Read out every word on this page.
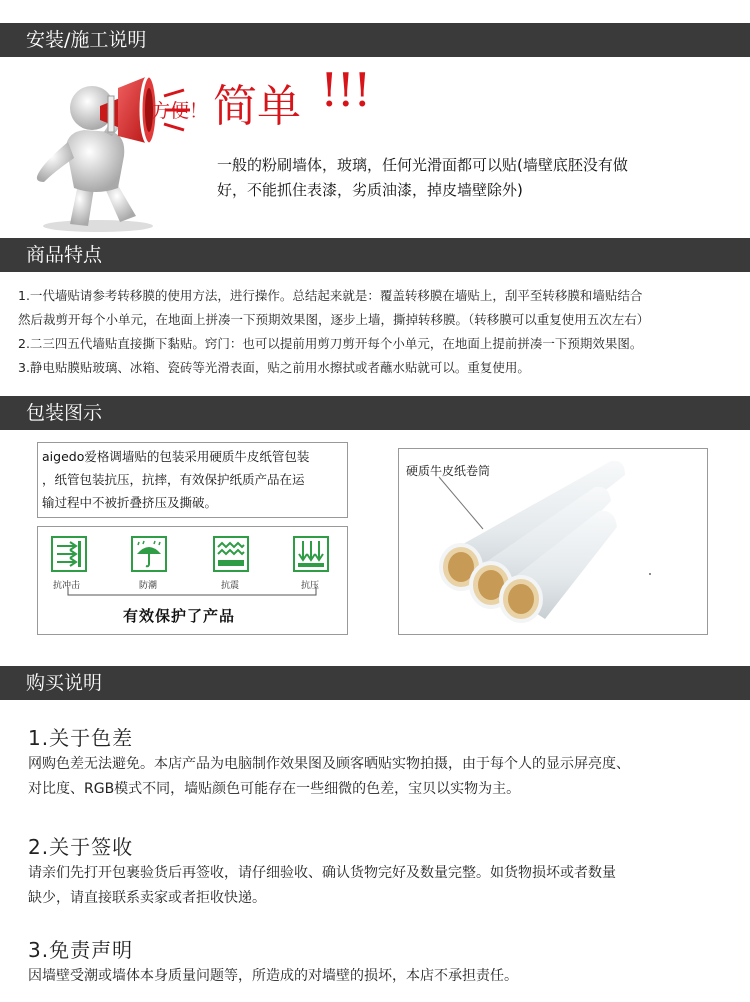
安装/施工说明
方便！ 简单 !!!
一般的粉刷墙体，玻璃，任何光滑面都可以贴(墙壁底胚没有做
好，不能抓住表漆，劣质油漆，掉皮墙壁除外)
商品特点
1.一代墙贴请参考转移膜的使用方法，进行操作。总结起来就是：覆盖转移膜在墙贴上，刮平至转移膜和墙贴结合
然后裁剪开每个小单元，在地面上拼凑一下预期效果图，逐步上墙，撕掉转移膜。（转移膜可以重复使用五次左右）
2.二三四五代墙贴直接撕下黏贴。窍门：也可以提前用剪刀剪开每个小单元，在地面上提前拼凑一下预期效果图。
3.静电贴膜贴玻璃、冰箱、瓷砖等光滑表面，贴之前用水擦拭或者蘸水贴就可以。重复使用。
包装图示
aigedo爱格调墙贴的包装采用硬质牛皮纸管包装
，纸管包装抗压，抗摔，有效保护纸质产品在运
输过程中不被折叠挤压及撕破。
抗冲击	防潮	抗震	抗压
有效保护了产品
硬质牛皮纸卷筒
购买说明
1.关于色差
网购色差无法避免。本店产品为电脑制作效果图及顾客晒贴实物拍摄，由于每个人的显示屏亮度、
对比度、RGB模式不同，墙贴颜色可能存在一些细微的色差，宝贝以实物为主。
2.关于签收
请亲们先打开包裹验货后再签收，请仔细验收、确认货物完好及数量完整。如货物损坏或者数量
缺少，请直接联系卖家或者拒收快递。
3.免责声明
因墙壁受潮或墙体本身质量问题等，所造成的对墙壁的损坏，本店不承担责任。
